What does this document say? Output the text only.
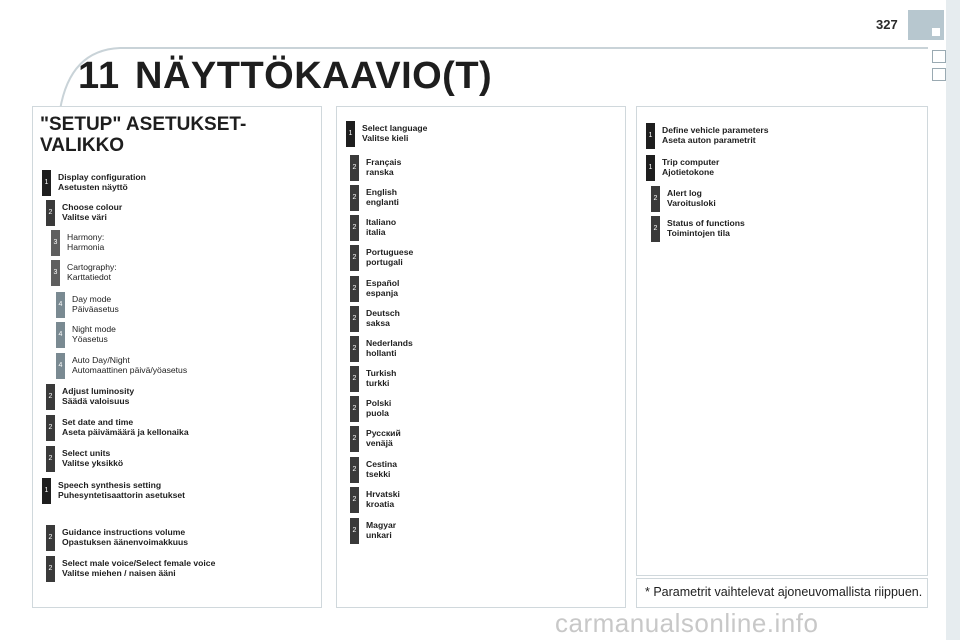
327
11 NÄYTTÖKAAVIO(T)
"SETUP" ASETUKSET-
VALIKKO
1
Display configuration
Asetusten näyttö
2
Choose colour
Valitse väri
3
Harmony:
Harmonia
3
Cartography:
Karttatiedot
4
Day mode
Päiväasetus
4
Night mode
Yöasetus
4
Auto Day/Night
Automaattinen päivä/yöasetus
2
Adjust luminosity
Säädä valoisuus
2
Set date and time
Aseta päivämäärä ja kellonaika
2
Select units
Valitse yksikkö
1
Speech synthesis setting
Puhesyntetisaattorin asetukset
2
Guidance instructions volume
Opastuksen äänenvoimakkuus
2
Select male voice/Select female voice
Valitse miehen / naisen ääni
1
Select language
Valitse kieli
2
Français
ranska
2
English
englanti
2
Italiano
italia
2
Portuguese
portugali
2
Español
espanja
2
Deutsch
saksa
2
Nederlands
hollanti
2
Turkish
turkki
2
Polski
puola
2
Русский
venäjä
2
Cestina
tsekki
2
Hrvatski
kroatia
2
Magyar
unkari
1
Define vehicle parameters
Aseta auton parametrit
1
Trip computer
Ajotietokone
2
Alert log
Varoitusloki
2
Status of functions
Toimintojen tila
* Parametrit vaihtelevat ajoneuvomallista riippuen.
carmanualsonline.info
